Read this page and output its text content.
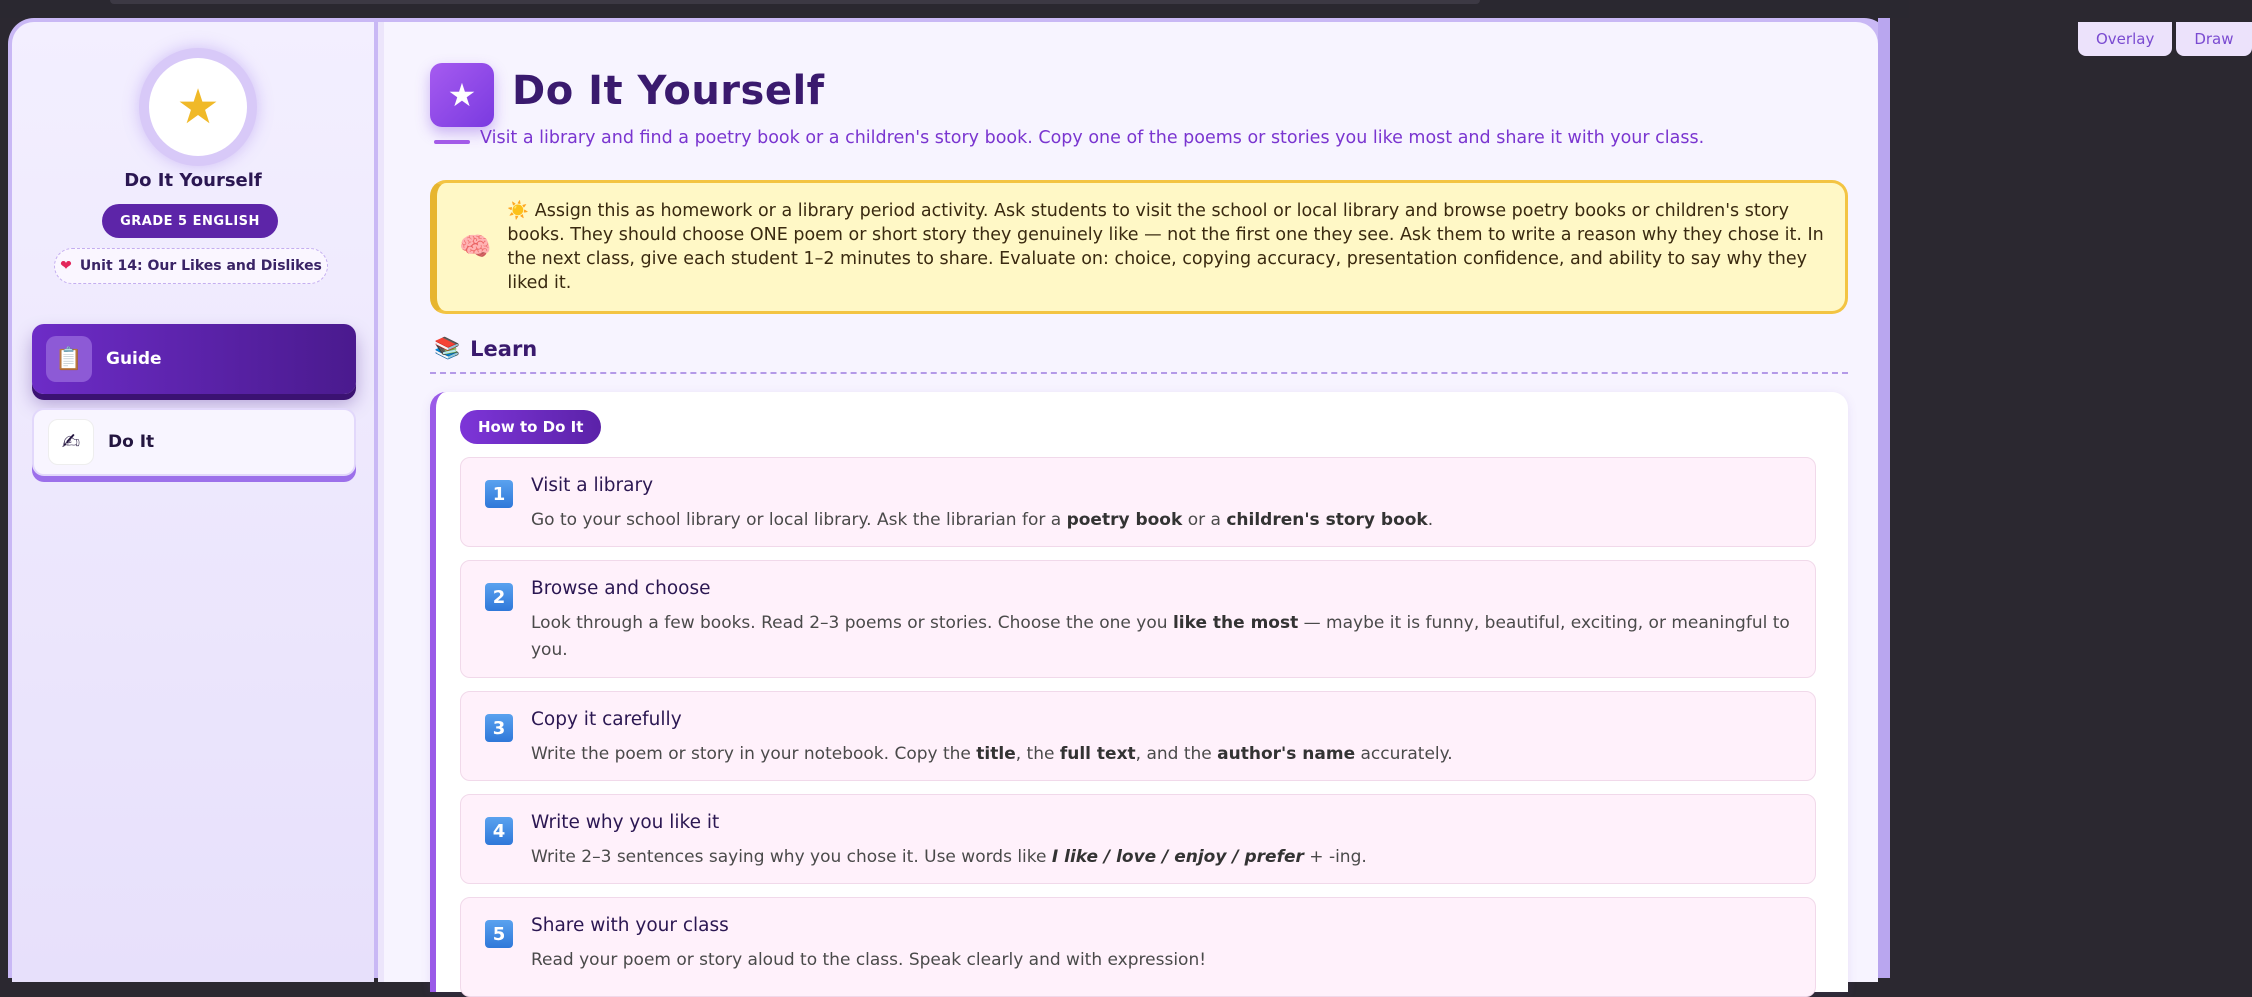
★
Do It Yourself
GRADE 5 ENGLISH
❤ Unit 14: Our Likes and Dislikes
📋	Guide
✍	Do It
Overlay	Draw
★ Do It Yourself

Visit a library and find a poetry book or a children's story book. Copy one of the poems or stories you like most and share it with your class.

🧠

☀️ Assign this as homework or a library period activity. Ask students to visit the school or local library and browse poetry books or children's story books. They should choose ONE poem or short story they genuinely like — not the first one they see. Ask them to write a reason why they chose it. In the next class, give each student 1–2 minutes to share. Evaluate on: choice, copying accuracy, presentation confidence, and ability to say why they liked it.

📚 Learn
How to Do It
1	Visit a library
Go to your school library or local library. Ask the librarian for a poetry book or a children's story book.
2	Browse and choose
Look through a few books. Read 2–3 poems or stories. Choose the one you like the most — maybe it is funny, beautiful, exciting, or meaningful to you.
3	Copy it carefully
Write the poem or story in your notebook. Copy the title, the full text, and the author's name accurately.
4	Write why you like it
Write 2–3 sentences saying why you chose it. Use words like I like / love / enjoy / prefer + -ing.
5	Share with your class
Read your poem or story aloud to the class. Speak clearly and with expression!
